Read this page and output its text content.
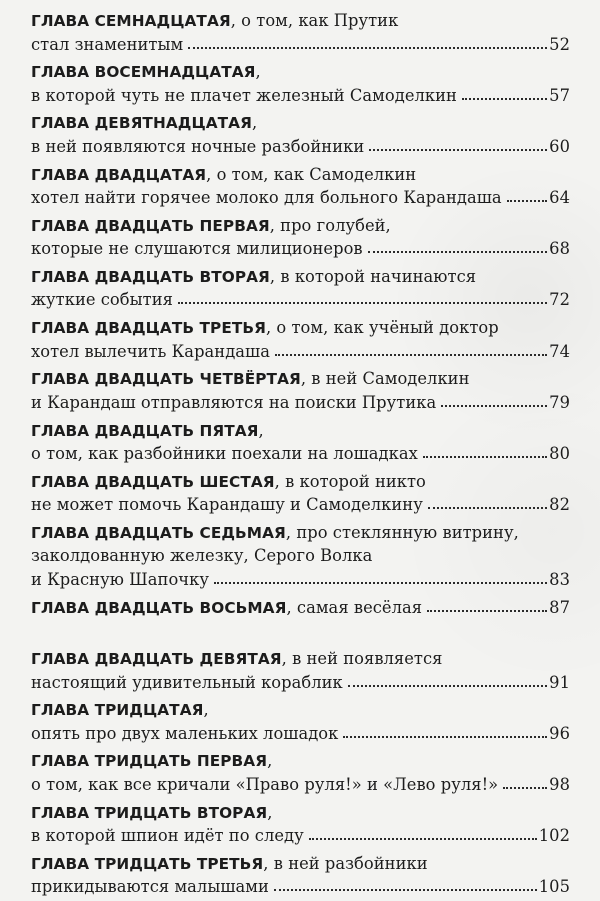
ГЛАВА СЕМНАДЦАТАЯ, о том, как Прутик
стал знаменитым	52
ГЛАВА ВОСЕМНАДЦАТАЯ,
в которой чуть не плачет железный Самоделкин	57
ГЛАВА ДЕВЯТНАДЦАТАЯ,
в ней появляются ночные разбойники	60
ГЛАВА ДВАДЦАТАЯ, о том, как Самоделкин
хотел найти горячее молоко для больного Карандаша	64
ГЛАВА ДВАДЦАТЬ ПЕРВАЯ, про голубей,
которые не слушаются милиционеров	68
ГЛАВА ДВАДЦАТЬ ВТОРАЯ, в которой начинаются
жуткие события	72
ГЛАВА ДВАДЦАТЬ ТРЕТЬЯ, о том, как учёный доктор
хотел вылечить Карандаша	74
ГЛАВА ДВАДЦАТЬ ЧЕТВЁРТАЯ, в ней Самоделкин
и Карандаш отправляются на поиски Прутика	79
ГЛАВА ДВАДЦАТЬ ПЯТАЯ,
о том, как разбойники поехали на лошадках	80
ГЛАВА ДВАДЦАТЬ ШЕСТАЯ, в которой никто
не может помочь Карандашу и Самоделкину	82
ГЛАВА ДВАДЦАТЬ СЕДЬМАЯ, про стеклянную витрину,
заколдованную железку, Серого Волка
и Красную Шапочку	83
ГЛАВА ДВАДЦАТЬ ВОСЬМАЯ , самая весёлая	87
ГЛАВА ДВАДЦАТЬ ДЕВЯТАЯ, в ней появляется
настоящий удивительный кораблик	91
ГЛАВА ТРИДЦАТАЯ,
опять про двух маленьких лошадок	96
ГЛАВА ТРИДЦАТЬ ПЕРВАЯ,
о том, как все кричали «Право руля!» и «Лево руля!»	98
ГЛАВА ТРИДЦАТЬ ВТОРАЯ,
в которой шпион идёт по следу	102
ГЛАВА ТРИДЦАТЬ ТРЕТЬЯ, в ней разбойники
прикидываются малышами	105
